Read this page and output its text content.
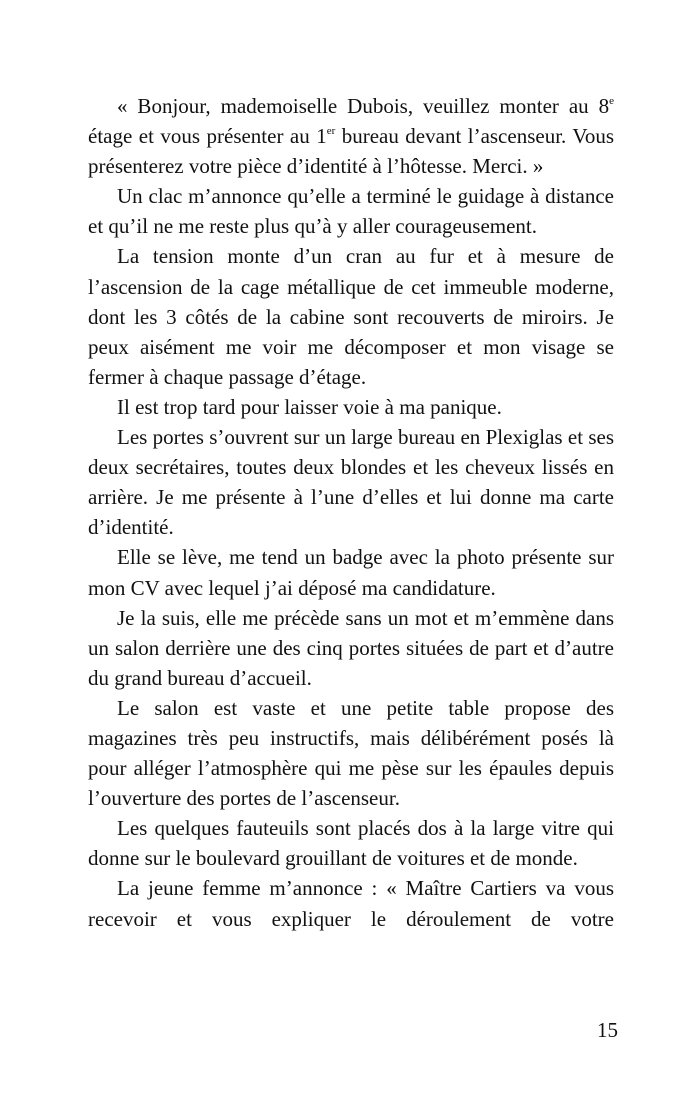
« Bonjour, mademoiselle Dubois, veuillez monter au 8e étage et vous présenter au 1er bureau devant l’ascenseur. Vous présenterez votre pièce d’identité à l’hôtesse. Merci. »

Un clac m’annonce qu’elle a terminé le guidage à distance et qu’il ne me reste plus qu’à y aller courageusement.

La tension monte d’un cran au fur et à mesure de l’ascension de la cage métallique de cet immeuble moderne, dont les 3 côtés de la cabine sont recouverts de miroirs. Je peux aisément me voir me décomposer et mon visage se fermer à chaque passage d’étage.

Il est trop tard pour laisser voie à ma panique.

Les portes s’ouvrent sur un large bureau en Plexiglas et ses deux secrétaires, toutes deux blondes et les cheveux lissés en arrière. Je me présente à l’une d’elles et lui donne ma carte d’identité.

Elle se lève, me tend un badge avec la photo présente sur mon CV avec lequel j’ai déposé ma candidature.

Je la suis, elle me précède sans un mot et m’emmène dans un salon derrière une des cinq portes situées de part et d’autre du grand bureau d’accueil.

Le salon est vaste et une petite table propose des magazines très peu instructifs, mais délibérément posés là pour alléger l’atmosphère qui me pèse sur les épaules depuis l’ouverture des portes de l’ascenseur.

Les quelques fauteuils sont placés dos à la large vitre qui donne sur le boulevard grouillant de voitures et de monde.

La jeune femme m’annonce : « Maître Cartiers va vous recevoir et vous expliquer le déroulement de votre

15
